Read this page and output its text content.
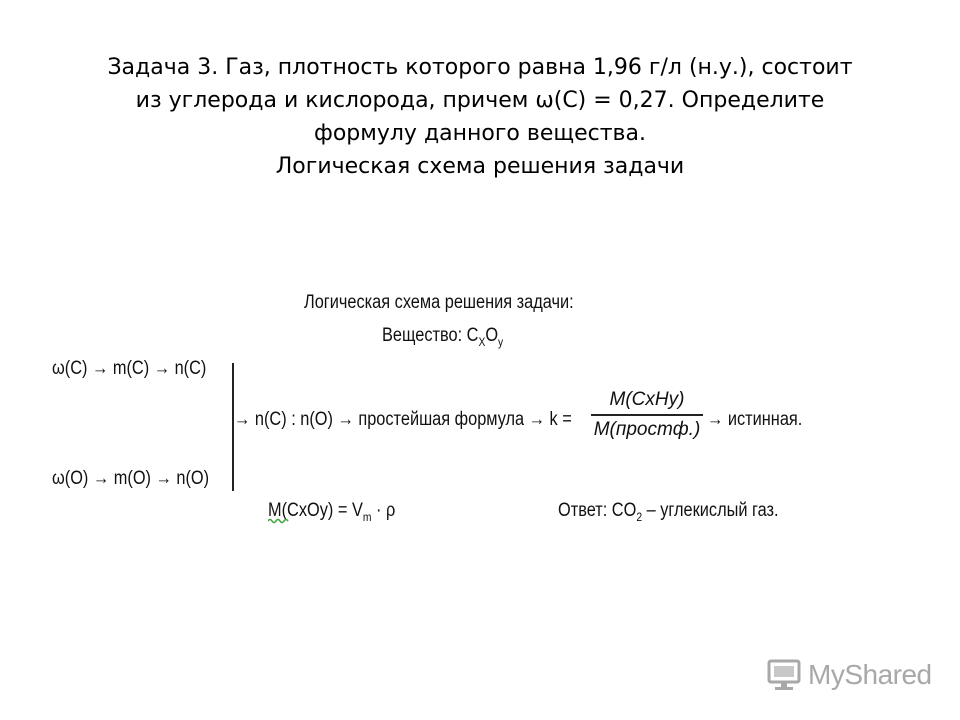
Задача 3. Газ, плотность которого равна 1,96 г/л (н.у.), состоит
из углерода и кислорода, причем ω(С) = 0,27. Определите
формулу данного вещества.
Логическая схема решения задачи
Логическая схема решения задачи:
Вещество: $C_XO_y$
ω(C) → m(C) → n(C)
ω(O) → m(O) → n(O)
→ n(C) : n(O) → простейшая формула → k =
M(CxHy)
M(простф.) → истинная.
M(CxOy) = $V_m \cdot \rho$	Ответ: $CO_2$ – углекислый газ.
MyShared
